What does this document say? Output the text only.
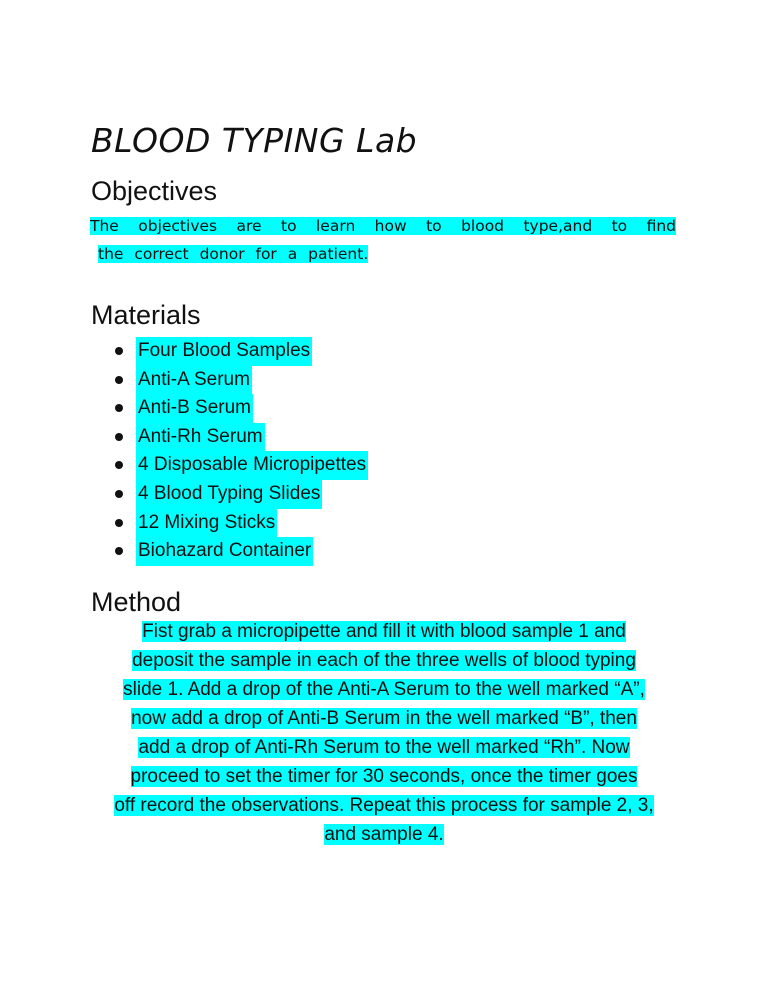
BLOOD TYPING Lab
Objectives
The objectives are to learn how to blood type,and to find
the correct donor for a patient.
Materials
Four Blood Samples
Anti-A Serum
Anti-B Serum
Anti-Rh Serum
4 Disposable Micropipettes
4 Blood Typing Slides
12 Mixing Sticks
Biohazard Container
Method
Fist grab a micropipette and fill it with blood sample 1 and
deposit the sample in each of the three wells of blood typing
slide 1. Add a drop of the Anti-A Serum to the well marked “A”,
now add a drop of Anti-B Serum in the well marked “B”, then
add a drop of Anti-Rh Serum to the well marked “Rh”. Now
proceed to set the timer for 30 seconds, once the timer goes
off record the observations. Repeat this process for sample 2, 3,
and sample 4.
